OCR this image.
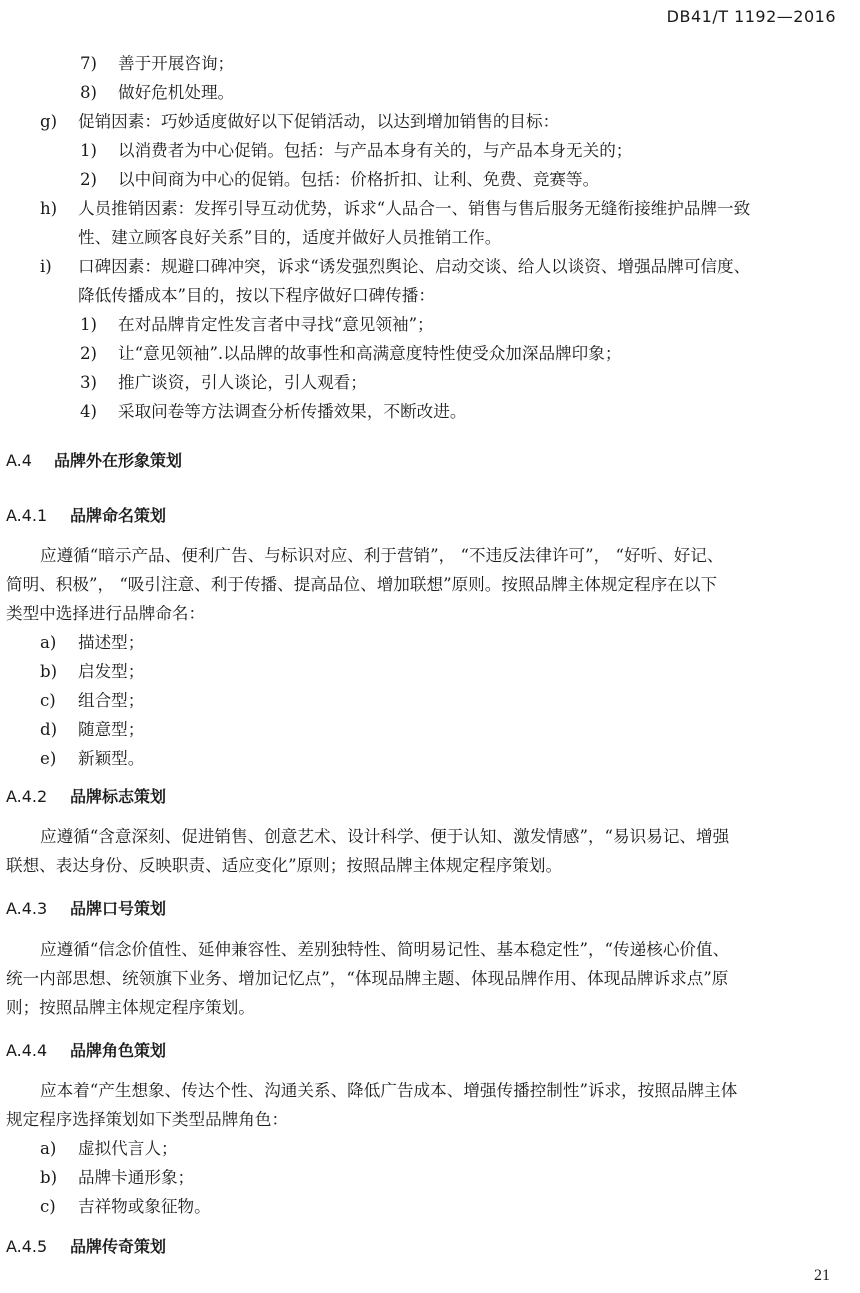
DB41/T 1192—2016
7) 善于开展咨询；
8) 做好危机处理。
g) 促销因素：巧妙适度做好以下促销活动，以达到增加销售的目标：
1) 以消费者为中心促销。包括：与产品本身有关的，与产品本身无关的；
2) 以中间商为中心的促销。包括：价格折扣、让利、免费、竞赛等。
h) 人员推销因素：发挥引导互动优势，诉求“人品合一、销售与售后服务无缝衔接维护品牌一致
性、建立顾客良好关系”目的，适度并做好人员推销工作。
i) 口碑因素：规避口碑冲突，诉求“诱发强烈舆论、启动交谈、给人以谈资、增强品牌可信度、
降低传播成本”目的，按以下程序做好口碑传播：
1) 在对品牌肯定性发言者中寻找“意见领袖”；
2) 让“意见领袖”.以品牌的故事性和高满意度特性使受众加深品牌印象；
3) 推广谈资，引人谈论，引人观看；
4) 采取问卷等方法调查分析传播效果，不断改进。
A.4 品牌外在形象策划
A.4.1 品牌命名策划
应遵循“暗示产品、便利广告、与标识对应、利于营销”， “不违反法律许可”， “好听、好记、
简明、积极”， “吸引注意、利于传播、提高品位、增加联想”原则。按照品牌主体规定程序在以下
类型中选择进行品牌命名：
a) 描述型；
b) 启发型；
c) 组合型；
d) 随意型；
e) 新颖型。
A.4.2 品牌标志策划
应遵循“含意深刻、促进销售、创意艺术、设计科学、便于认知、激发情感”，“易识易记、增强
联想、表达身份、反映职责、适应变化”原则；按照品牌主体规定程序策划。
A.4.3 品牌口号策划
应遵循“信念价值性、延伸兼容性、差别独特性、简明易记性、基本稳定性”，“传递核心价值、
统一内部思想、统领旗下业务、增加记忆点”，“体现品牌主题、体现品牌作用、体现品牌诉求点”原
则；按照品牌主体规定程序策划。
A.4.4 品牌角色策划
应本着“产生想象、传达个性、沟通关系、降低广告成本、增强传播控制性”诉求，按照品牌主体
规定程序选择策划如下类型品牌角色：
a) 虚拟代言人；
b) 品牌卡通形象；
c) 吉祥物或象征物。
A.4.5 品牌传奇策划
21
